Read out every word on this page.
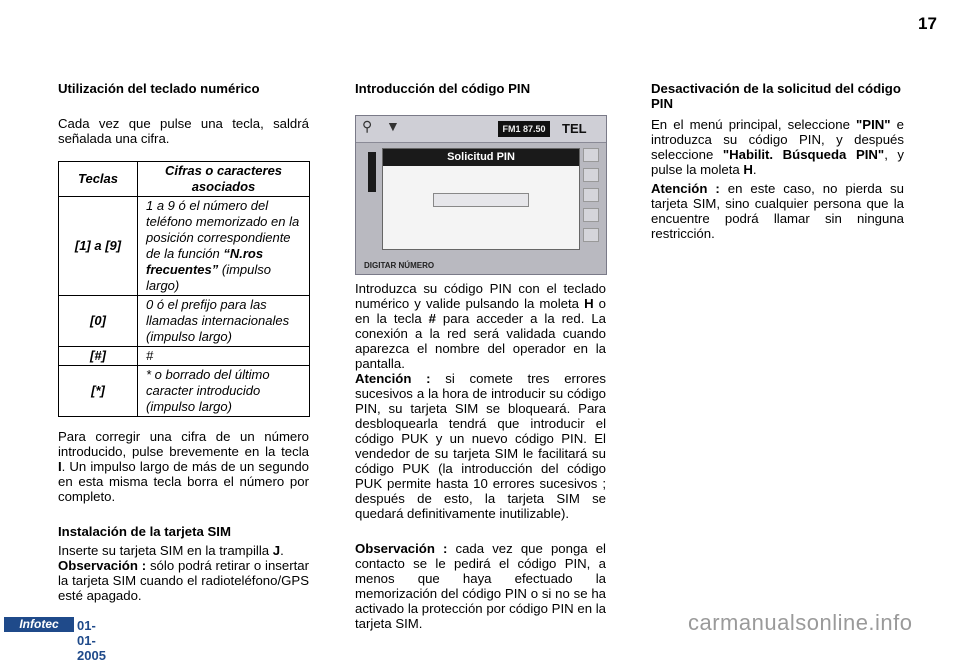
17

Utilización del teclado numérico

Cada vez que pulse una tecla, saldrá señalada una cifra.

Teclas	Cifras o caracteres asociados
[1] a [9]	1 a 9 ó el número del teléfono memorizado en la posición correspondiente de la función “N.ros frecuentes” (impulso largo)
[0]	0 ó el prefijo para las llamadas internacionales (impulso largo)
[#]	#
[*]	* o borrado del último caracter introducido (impulso largo)

Para corregir una cifra de un número introducido, pulse brevemente en la tecla I. Un impulso largo de más de un segundo en esta misma tecla borra el número por completo.

Instalación de la tarjeta SIM

Inserte su tarjeta SIM en la trampilla J.

Observación : sólo podrá retirar o insertar la tarjeta SIM cuando el radioteléfono/GPS esté apagado.

Introducción del código PIN

⚲ ▼	FM1 87.50	TEL
Solicitud PIN
DIGITAR NÚMERO

Introduzca su código PIN con el teclado numérico y valide pulsando la moleta H o en la tecla # para acceder a la red. La conexión a la red será validada cuando aparezca el nombre del operador en la pantalla.

Atención : si comete tres errores sucesivos a la hora de introducir su código PIN, su tarjeta SIM se bloqueará. Para desbloquearla tendrá que introducir el código PUK y un nuevo código PIN. El vendedor de su tarjeta SIM le facilitará su código PUK (la introducción del código PUK permite hasta 10 errores sucesivos ; después de esto, la tarjeta SIM se quedará definitivamente inutilizable).

Observación : cada vez que ponga el contacto se le pedirá el código PIN, a menos que haya efectuado la memorización del código PIN o si no se ha activado la protección por código PIN en la tarjeta SIM.

Desactivación de la solicitud del código PIN

En el menú principal, seleccione "PIN" e introduzca su código PIN, y después seleccione "Habilit. Búsqueda PIN", y pulse la moleta H.

Atención : en este caso, no pierda su tarjeta SIM, sino cualquier persona que la encuentre podrá llamar sin ninguna restricción.

Infotec	01-01-2005
carmanualsonline.info
